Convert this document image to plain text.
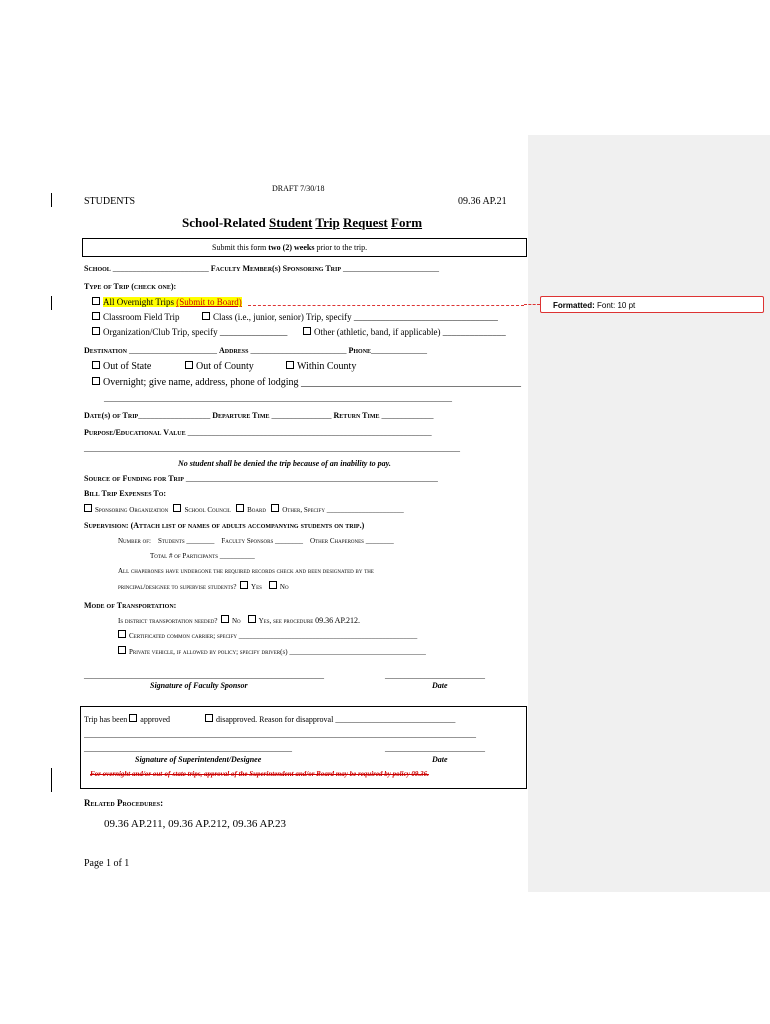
Formatted: Font: 10 pt
DRAFT 7/30/18
STUDENTS	09.36 AP.21
School-Related Student Trip Request Form
Submit this form two (2) weeks prior to the trip.
School ________________________ Faculty Member(s) Sponsoring Trip ________________________
Type of Trip (check one):
All Overnight Trips (Submit to Board)
Classroom Field Trip	Class (i.e., junior, senior) Trip, specify ________________________________
Organization/Club Trip, specify _______________	Other (athletic, band, if applicable) ______________
Destination ______________________ Address ________________________ Phone______________
Out of State	Out of County	Within County
Overnight; give name, address, phone of lodging ____________________________________________
_______________________________________________________________________________________
Date(s) of Trip__________________ Departure Time _______________ Return Time _____________
Purpose/Educational Value _____________________________________________________________
______________________________________________________________________________________________
No student shall be denied the trip because of an inability to pay.
Source of Funding for Trip _______________________________________________________________
Bill Trip Expenses To:
Sponsoring Organization School Council Board Other, Specify ______________________
Supervision: (Attach list of names of adults accompanying students on trip.)
Number of: Students ________ Faculty Sponsors ________ Other Chaperones ________
Total # of Participants __________
All chaperones have undergone the required records check and been designated by the
principal/designee to supervise students? Yes	No
Mode of Transportation:
Is district transportation needed? No	Yes, see procedure 09.36 AP.212.
Certificated common carrier; specify ___________________________________________________
Private vehicle, if allowed by policy; specify driver(s) _______________________________________
____________________________________________________________	_________________________
Signature of Faculty Sponsor	Date
Trip has been approved	disapproved. Reason for disapproval ______________________________
__________________________________________________________________________________________________
____________________________________________________	_________________________
Signature of Superintendent/Designee	Date
For overnight and/or out-of-state trips, approval of the Superintendent and/or Board may be required by policy 09.36.
Related Procedures:
09.36 AP.211, 09.36 AP.212, 09.36 AP.23
Page 1 of 1
